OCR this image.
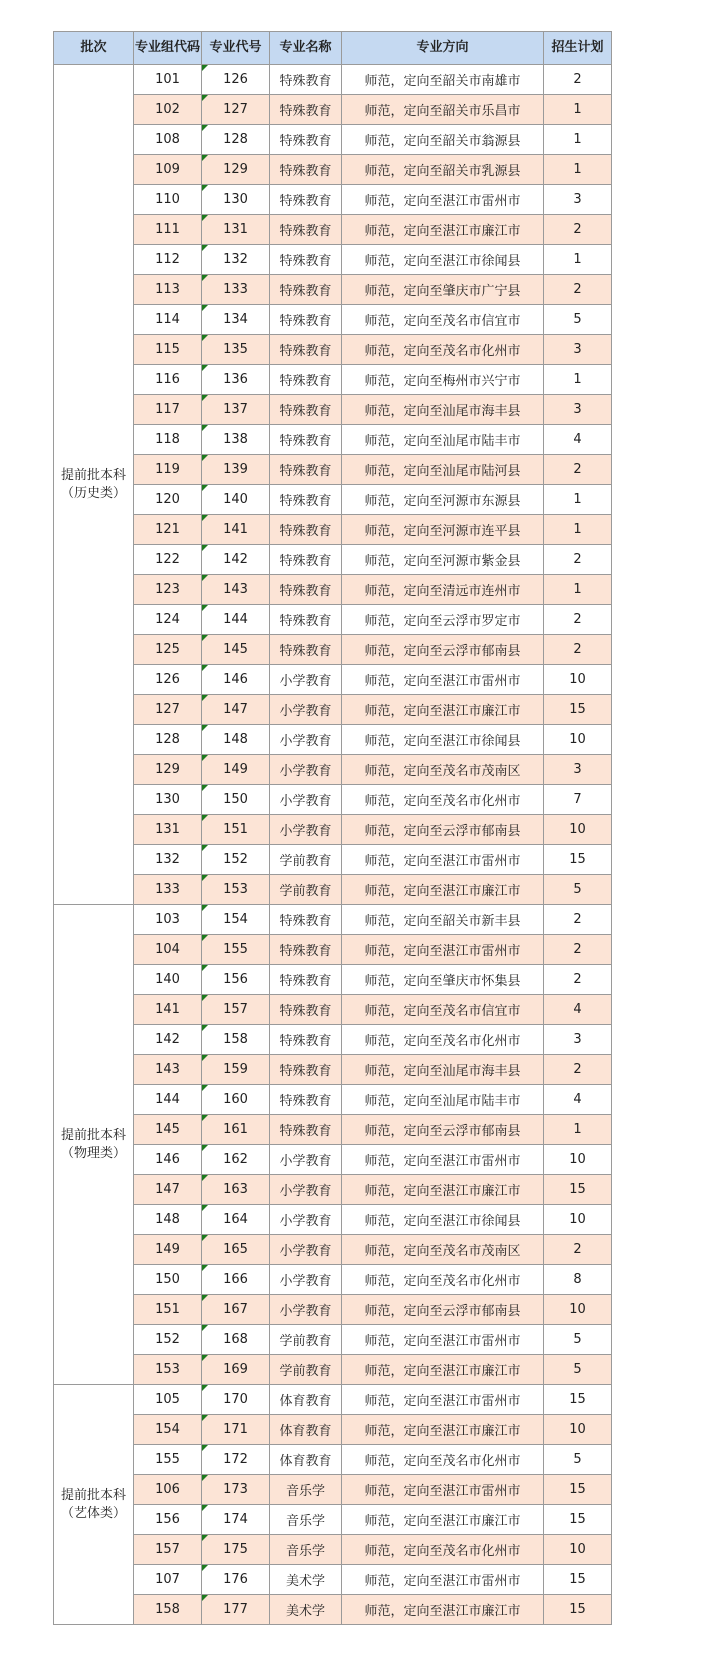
批次	专业组代码	专业代号	专业名称	专业方向	招生计划

提前批本科
（历史类）	101	126	特殊教育	师范，定向至韶关市南雄市	2
	102	127	特殊教育	师范，定向至韶关市乐昌市	1
	108	128	特殊教育	师范，定向至韶关市翁源县	1
	109	129	特殊教育	师范，定向至韶关市乳源县	1
	110	130	特殊教育	师范，定向至湛江市雷州市	3
	111	131	特殊教育	师范，定向至湛江市廉江市	2
	112	132	特殊教育	师范，定向至湛江市徐闻县	1
	113	133	特殊教育	师范，定向至肇庆市广宁县	2
	114	134	特殊教育	师范，定向至茂名市信宜市	5
	115	135	特殊教育	师范，定向至茂名市化州市	3
	116	136	特殊教育	师范，定向至梅州市兴宁市	1
	117	137	特殊教育	师范，定向至汕尾市海丰县	3
	118	138	特殊教育	师范，定向至汕尾市陆丰市	4
	119	139	特殊教育	师范，定向至汕尾市陆河县	2
	120	140	特殊教育	师范，定向至河源市东源县	1
	121	141	特殊教育	师范，定向至河源市连平县	1
	122	142	特殊教育	师范，定向至河源市紫金县	2
	123	143	特殊教育	师范，定向至清远市连州市	1
	124	144	特殊教育	师范，定向至云浮市罗定市	2
	125	145	特殊教育	师范，定向至云浮市郁南县	2
	126	146	小学教育	师范，定向至湛江市雷州市	10
	127	147	小学教育	师范，定向至湛江市廉江市	15
	128	148	小学教育	师范，定向至湛江市徐闻县	10
	129	149	小学教育	师范，定向至茂名市茂南区	3
	130	150	小学教育	师范，定向至茂名市化州市	7
	131	151	小学教育	师范，定向至云浮市郁南县	10
	132	152	学前教育	师范，定向至湛江市雷州市	15
	133	153	学前教育	师范，定向至湛江市廉江市	5

提前批本科
（物理类）	103	154	特殊教育	师范，定向至韶关市新丰县	2
	104	155	特殊教育	师范，定向至湛江市雷州市	2
	140	156	特殊教育	师范，定向至肇庆市怀集县	2
	141	157	特殊教育	师范，定向至茂名市信宜市	4
	142	158	特殊教育	师范，定向至茂名市化州市	3
	143	159	特殊教育	师范，定向至汕尾市海丰县	2
	144	160	特殊教育	师范，定向至汕尾市陆丰市	4
	145	161	特殊教育	师范，定向至云浮市郁南县	1
	146	162	小学教育	师范，定向至湛江市雷州市	10
	147	163	小学教育	师范，定向至湛江市廉江市	15
	148	164	小学教育	师范，定向至湛江市徐闻县	10
	149	165	小学教育	师范，定向至茂名市茂南区	2
	150	166	小学教育	师范，定向至茂名市化州市	8
	151	167	小学教育	师范，定向至云浮市郁南县	10
	152	168	学前教育	师范，定向至湛江市雷州市	5
	153	169	学前教育	师范，定向至湛江市廉江市	5

提前批本科
（艺体类）	105	170	体育教育	师范，定向至湛江市雷州市	15
	154	171	体育教育	师范，定向至湛江市廉江市	10
	155	172	体育教育	师范，定向至茂名市化州市	5
	106	173	音乐学	师范，定向至湛江市雷州市	15
	156	174	音乐学	师范，定向至湛江市廉江市	15
	157	175	音乐学	师范，定向至茂名市化州市	10
	107	176	美术学	师范，定向至湛江市雷州市	15
	158	177	美术学	师范，定向至湛江市廉江市	15
